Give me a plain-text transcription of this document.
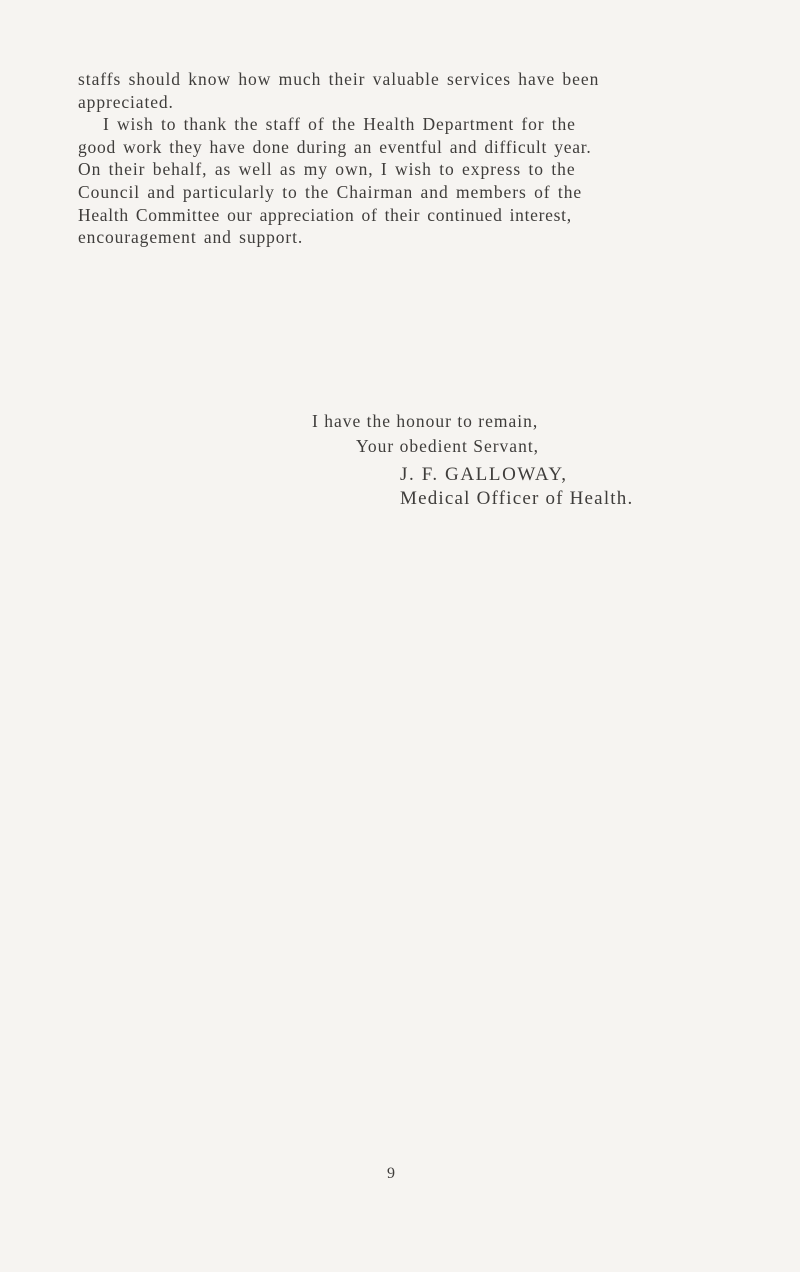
staffs should know how much their valuable services have been
appreciated.

I wish to thank the staff of the Health Department for the
good work they have done during an eventful and difficult year.
On their behalf, as well as my own, I wish to express to the
Council and particularly to the Chairman and members of the
Health Committee our appreciation of their continued interest,
encouragement and support.

I have the honour to remain,
Your obedient Servant,
J. F. GALLOWAY,
Medical Officer of Health.
9
